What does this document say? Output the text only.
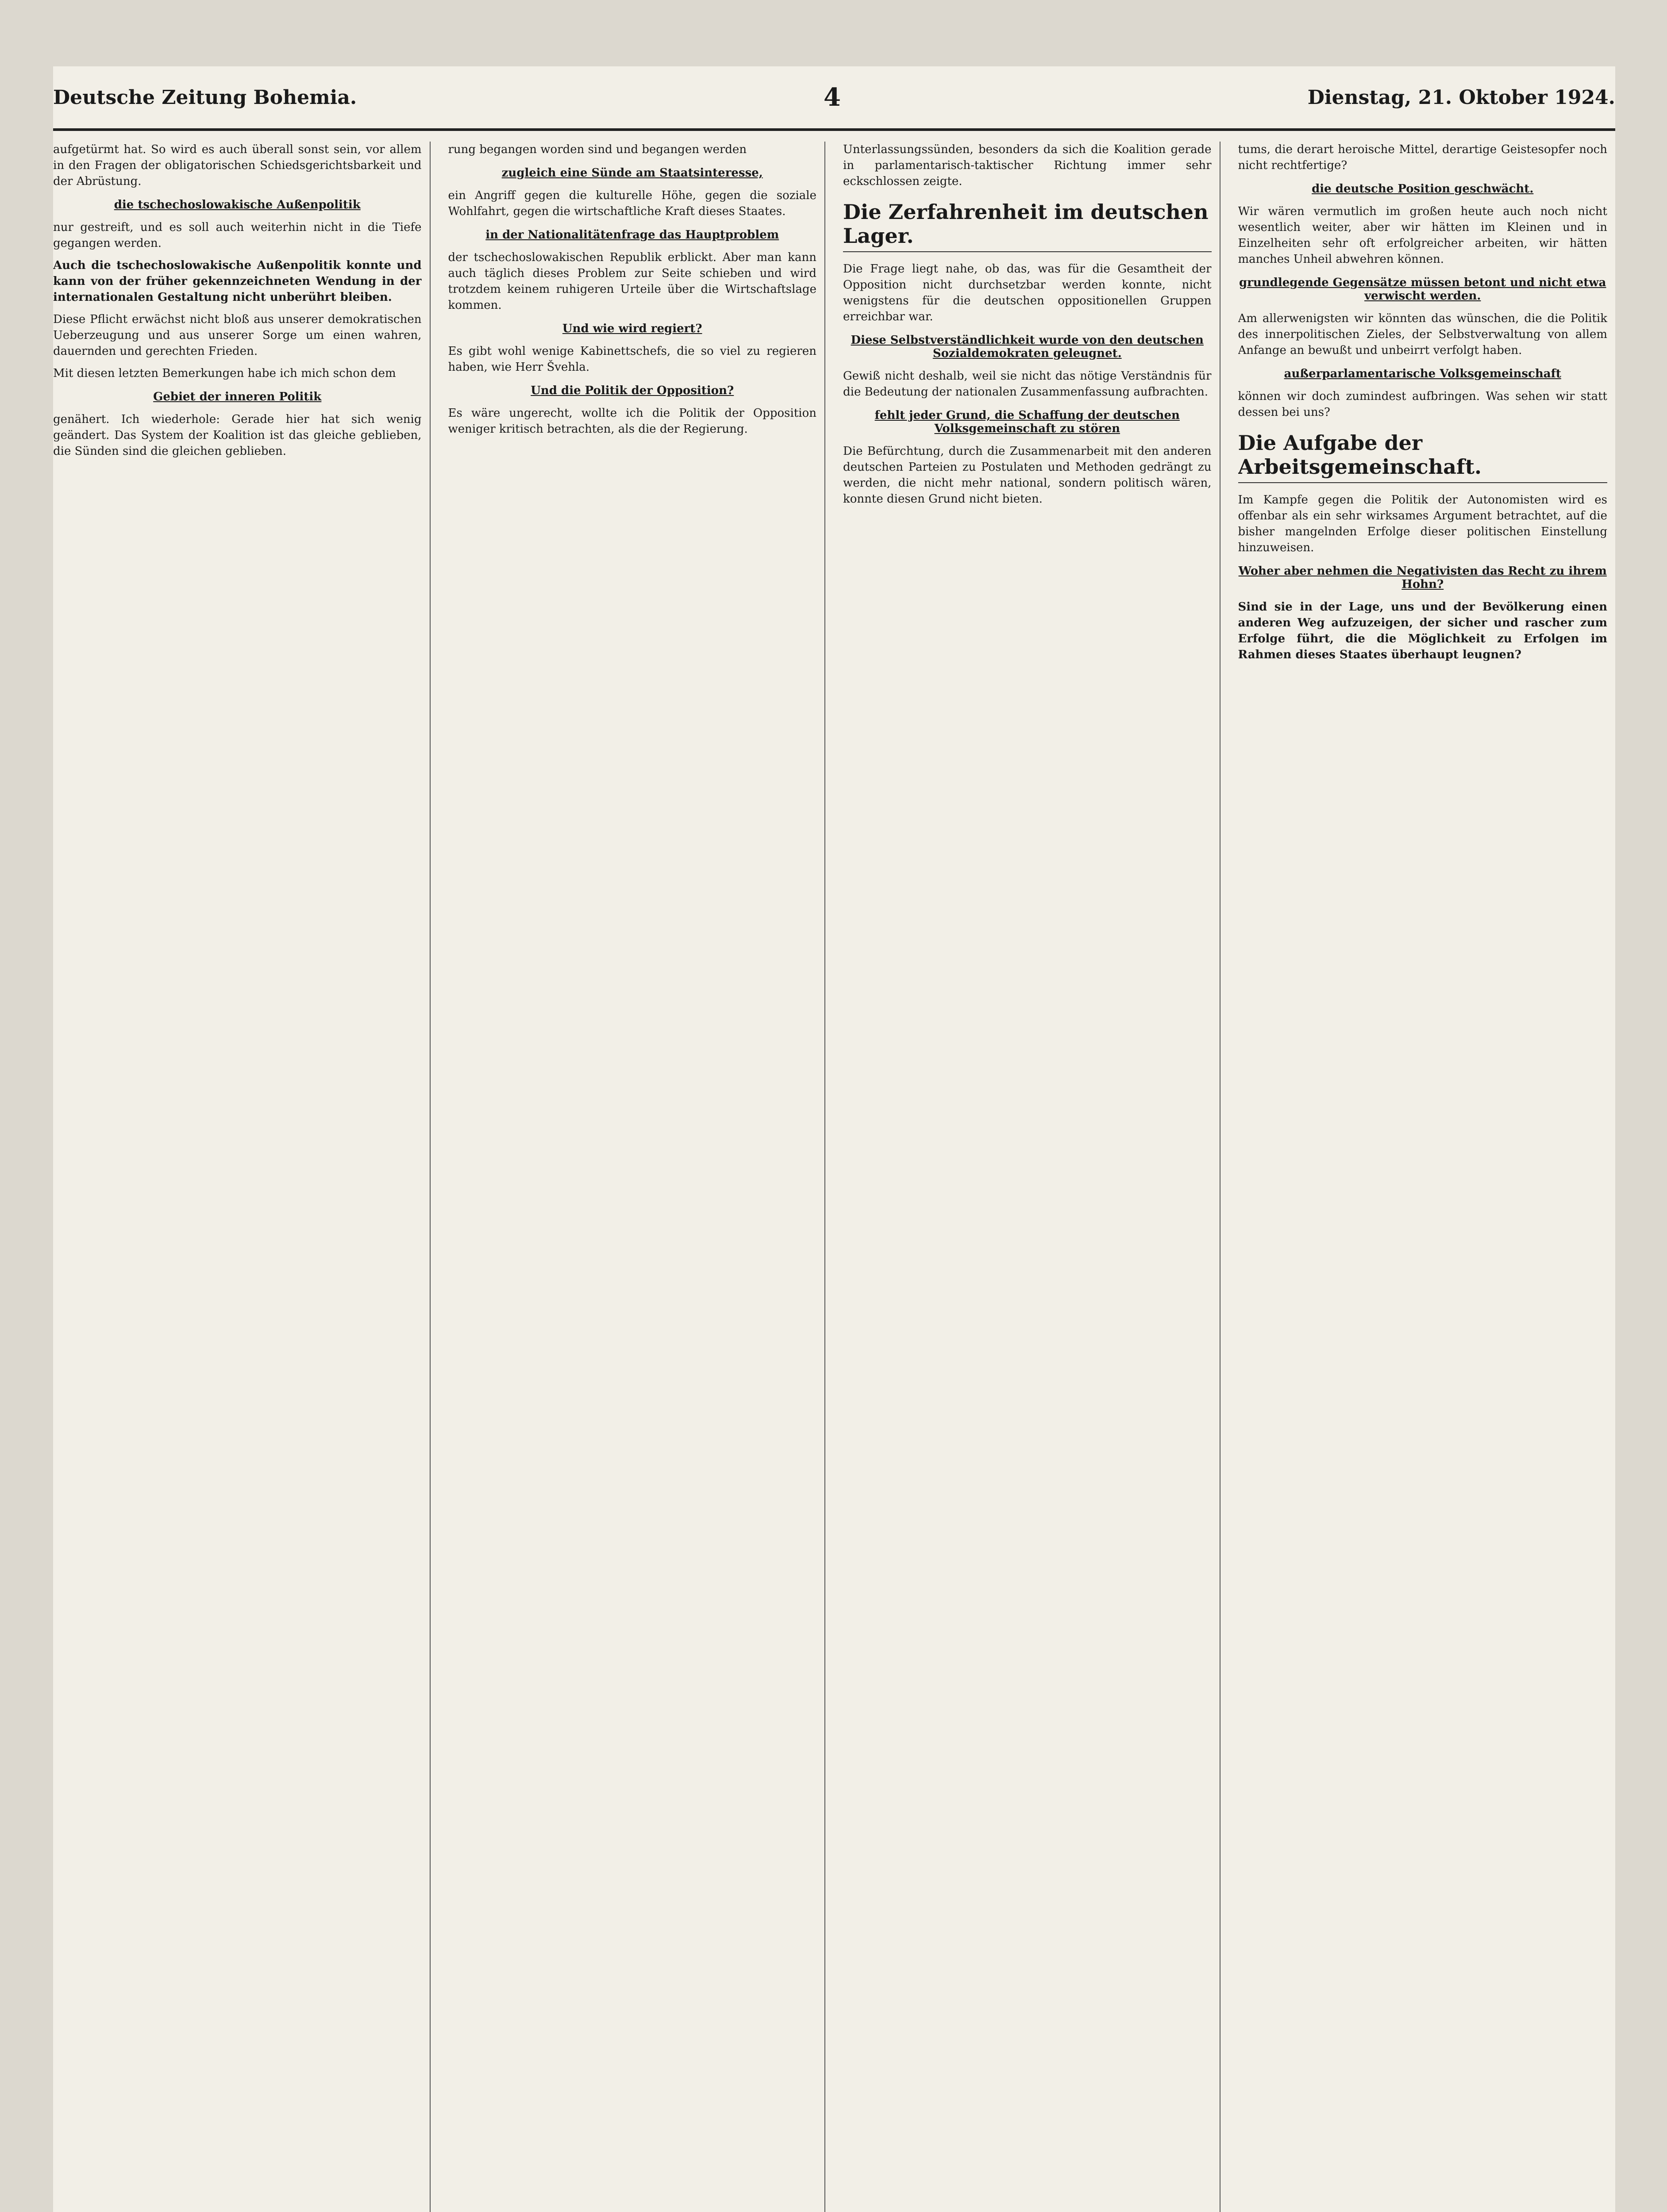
Deutsche Zeitung Bohemia.	4	Dienstag, 21. Oktober 1924.

aufgetürmt hat. So wird es auch überall sonst sein, vor allem in den Fragen der obligatorischen Schiedsgerichtsbarkeit und der Abrüstung.

die tschechoslowakische Außenpolitik

nur gestreift, und es soll auch weiterhin nicht in die Tiefe gegangen werden.

Auch die tschechoslowakische Außenpolitik konnte und kann von der früher gekennzeichneten Wendung in der internationalen Gestaltung nicht unberührt bleiben.

Diese Pflicht erwächst nicht bloß aus unserer demokratischen Ueberzeugung und aus unserer Sorge um einen wahren, dauernden und gerechten Frieden.

Mit diesen letzten Bemerkungen habe ich mich schon dem

Gebiet der inneren Politik

genähert. Ich wiederhole: Gerade hier hat sich wenig geändert. Das System der Koalition ist das gleiche geblieben, die Sünden sind die gleichen geblieben.

rung begangen worden sind und begangen werden

zugleich eine Sünde am Staatsinteresse,

ein Angriff gegen die kulturelle Höhe, gegen die soziale Wohlfahrt, gegen die wirtschaftliche Kraft dieses Staates.

in der Nationalitätenfrage das Hauptproblem

der tschechoslowakischen Republik erblickt. Aber man kann auch täglich dieses Problem zur Seite schieben und wird trotzdem keinem ruhigeren Urteile über die Wirtschaftslage kommen.

Und wie wird regiert?

Es gibt wohl wenige Kabinettschefs, die so viel zu regieren haben, wie Herr Švehla.

Und die Politik der Opposition?

Es wäre ungerecht, wollte ich die Politik der Opposition weniger kritisch betrachten, als die der Regierung.

Unterlassungssünden, besonders da sich die Koalition gerade in parlamentarisch-taktischer Richtung immer sehr eckschlossen zeigte.

Die Zerfahrenheit im deutschen Lager.

Die Frage liegt nahe, ob das, was für die Gesamtheit der Opposition nicht durchsetzbar werden konnte, nicht wenigstens für die deutschen oppositionellen Gruppen erreichbar war.

Diese Selbstverständlichkeit wurde von den deutschen Sozialdemokraten geleugnet.

Gewiß nicht deshalb, weil sie nicht das nötige Verständnis für die Bedeutung der nationalen Zusammenfassung aufbrachten.

fehlt jeder Grund, die Schaffung der deutschen Volksgemeinschaft zu stören

Die Befürchtung, durch die Zusammenarbeit mit den anderen deutschen Parteien zu Postulaten und Methoden gedrängt zu werden, die nicht mehr national, sondern politisch wären, konnte diesen Grund nicht bieten.

tums, die derart heroische Mittel, derartige Geistesopfer noch nicht rechtfertige?

die deutsche Position geschwächt.

Wir wären vermutlich im großen heute auch noch nicht wesentlich weiter, aber wir hätten im Kleinen und in Einzelheiten sehr oft erfolgreicher arbeiten, wir hätten manches Unheil abwehren können.

grundlegende Gegensätze müssen betont und nicht etwa verwischt werden.

Am allerwenigsten wir könnten das wünschen, die die Politik des innerpolitischen Zieles, der Selbstverwaltung von allem Anfange an bewußt und unbeirrt verfolgt haben.

außerparlamentarische Volksgemeinschaft

können wir doch zumindest aufbringen. Was sehen wir statt dessen bei uns?

Die Aufgabe der Arbeitsgemeinschaft.

Im Kampfe gegen die Politik der Autonomisten wird es offenbar als ein sehr wirksames Argument betrachtet, auf die bisher mangelnden Erfolge dieser politischen Einstellung hinzuweisen.

Woher aber nehmen die Negativisten das Recht zu ihrem Hohn?

Sind sie in der Lage, uns und der Bevölkerung einen anderen Weg aufzuzeigen, der sicher und rascher zum Erfolge führt, die die Möglichkeit zu Erfolgen im Rahmen dieses Staates überhaupt leugnen?
